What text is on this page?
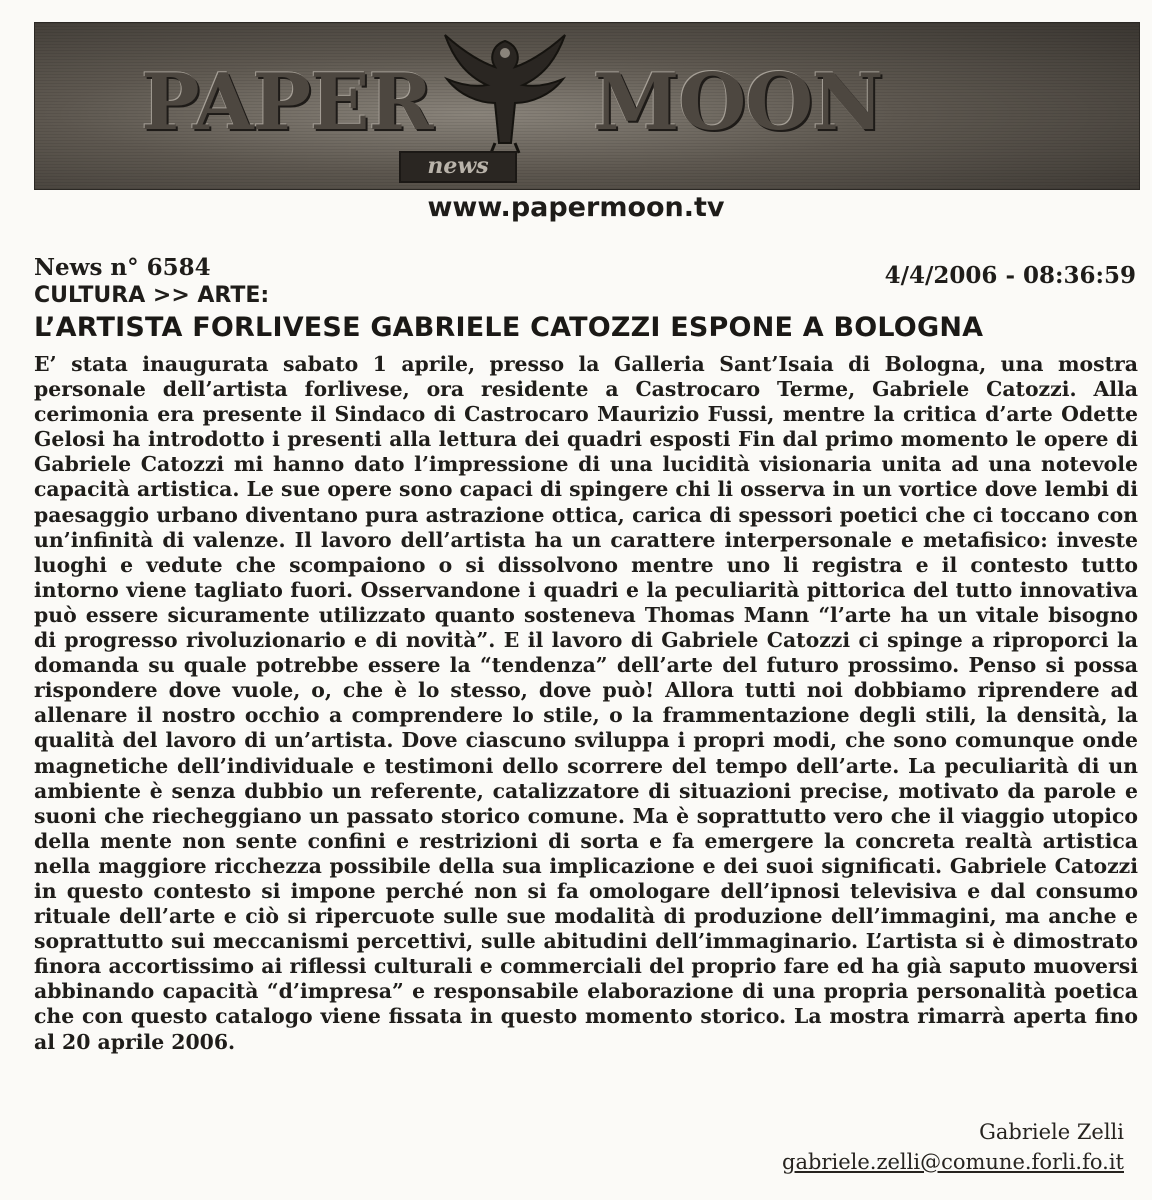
PAPER MOON
news
www.papermoon.tv
News n° 6584
CULTURA >> ARTE:
4/4/2006 - 08:36:59
L’ARTISTA FORLIVESE GABRIELE CATOZZI ESPONE A BOLOGNA

E’ stata inaugurata sabato 1 aprile, presso la Galleria Sant’Isaia di Bologna, una mostra personale dell’artista forlivese, ora residente a Castrocaro Terme, Gabriele Catozzi. Alla cerimonia era presente il Sindaco di Castrocaro Maurizio Fussi, mentre la critica d’arte Odette Gelosi ha introdotto i presenti alla lettura dei quadri esposti Fin dal primo momento le opere di Gabriele Catozzi mi hanno dato l’impressione di una lucidità visionaria unita ad una notevole capacità artistica. Le sue opere sono capaci di spingere chi li osserva in un vortice dove lembi di paesaggio urbano diventano pura astrazione ottica, carica di spessori poetici che ci toccano con un’infinità di valenze. Il lavoro dell’artista ha un carattere interpersonale e metafisico: investe luoghi e vedute che scompaiono o si dissolvono mentre uno li registra e il contesto tutto intorno viene tagliato fuori. Osservandone i quadri e la peculiarità pittorica del tutto innovativa può essere sicuramente utilizzato quanto sosteneva Thomas Mann “l’arte ha un vitale bisogno di progresso rivoluzionario e di novità”. E il lavoro di Gabriele Catozzi ci spinge a riproporci la domanda su quale potrebbe essere la “tendenza” dell’arte del futuro prossimo. Penso si possa rispondere dove vuole, o, che è lo stesso, dove può! Allora tutti noi dobbiamo riprendere ad allenare il nostro occhio a comprendere lo stile, o la frammentazione degli stili, la densità, la qualità del lavoro di un’artista. Dove ciascuno sviluppa i propri modi, che sono comunque onde magnetiche dell’individuale e testimoni dello scorrere del tempo dell’arte. La peculiarità di un ambiente è senza dubbio un referente, catalizzatore di situazioni precise, motivato da parole e suoni che riecheggiano un passato storico comune. Ma è soprattutto vero che il viaggio utopico della mente non sente confini e restrizioni di sorta e fa emergere la concreta realtà artistica nella maggiore ricchezza possibile della sua implicazione e dei suoi significati. Gabriele Catozzi in questo contesto si impone perché non si fa omologare dell’ipnosi televisiva e dal consumo rituale dell’arte e ciò si ripercuote sulle sue modalità di produzione dell’immagini, ma anche e soprattutto sui meccanismi percettivi, sulle abitudini dell’immaginario. L’artista si è dimostrato finora accortissimo ai riflessi culturali e commerciali del proprio fare ed ha già saputo muoversi abbinando capacità “d’impresa” e responsabile elaborazione di una propria personalità poetica che con questo catalogo viene fissata in questo momento storico. La mostra rimarrà aperta fino al 20 aprile 2006.

Gabriele Zelli
gabriele.zelli@comune.forli.fo.it
